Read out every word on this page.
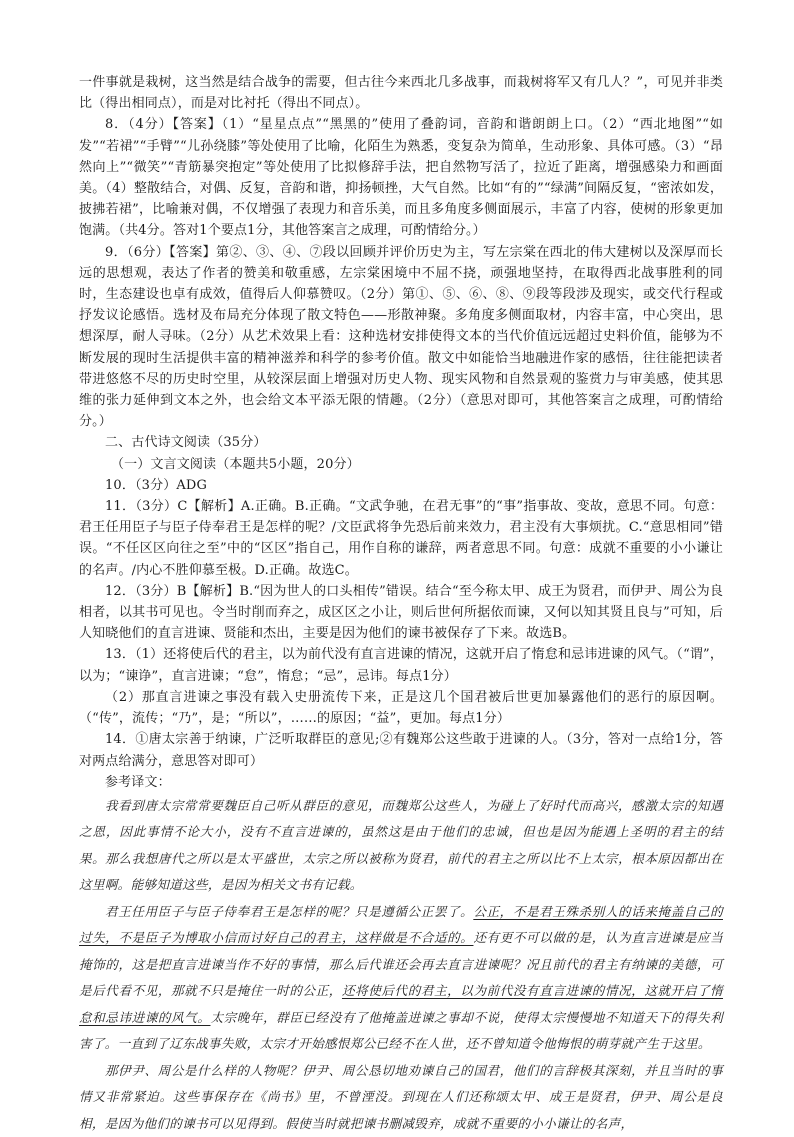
一件事就是栽树，这当然是结合战争的需要，但古往今来西北几多战事，而栽树将军又有几人？”，可见并非类比（得出相同点），而是对比衬托（得出不同点）。

8．（4分）【答案】（1）“星星点点”“黑黑的”使用了叠韵词，音韵和谐朗朗上口。（2）“西北地图”“如发”“若裙”“手臂”“儿孙绕膝”等处使用了比喻，化陌生为熟悉，变复杂为简单，生动形象、具体可感。（3）“昂然向上”“微笑”“青筋暴突抱定”等处使用了比拟修辞手法，把自然物写活了，拉近了距离，增强感染力和画面美。（4）整散结合，对偶、反复，音韵和谐，抑扬顿挫，大气自然。比如“有的”“绿满”间隔反复，“密浓如发，披拂若裙”，比喻兼对偶，不仅增强了表现力和音乐美，而且多角度多侧面展示，丰富了内容，使树的形象更加饱满。（共4分。答对1个要点1分，其他答案言之成理，可酌情给分。）

9．（6分）【答案】第②、③、④、⑦段以回顾并评价历史为主，写左宗棠在西北的伟大建树以及深厚而长远的思想观，表达了作者的赞美和敬重感，左宗棠困境中不屈不挠，顽强地坚持，在取得西北战事胜利的同时，生态建设也卓有成效，值得后人仰慕赞叹。（2分）第①、⑤、⑥、⑧、⑨段等段涉及现实，或交代行程或抒发议论感悟。选材及布局充分体现了散文特色——形散神聚。多角度多侧面取材，内容丰富，中心突出，思想深厚，耐人寻味。（2分）从艺术效果上看：这种选材安排使得文本的当代价值远远超过史料价值，能够为不断发展的现时生活提供丰富的精神滋养和科学的参考价值。散文中如能恰当地融进作家的感悟，往往能把读者带进悠悠不尽的历史时空里，从较深层面上增强对历史人物、现实风物和自然景观的鉴赏力与审美感，使其思维的张力延伸到文本之外，也会给文本平添无限的情趣。（2分）（意思对即可，其他答案言之成理，可酌情给分。）

二、古代诗文阅读（35分）

（一）文言文阅读（本题共5小题，20分）

10．（3分）ADG

11．（3分）C【解析】A.正确。B.正确。“文武争驰，在君无事”的“事”指事故、变故，意思不同。句意：君王任用臣子与臣子侍奉君王是怎样的呢？/文臣武将争先恐后前来效力，君主没有大事烦扰。C.“意思相同”错误。“不任区区向往之至”中的“区区”指自己，用作自称的谦辞，两者意思不同。句意：成就不重要的小小谦让的名声。/内心不胜仰慕至极。D.正确。故选C。

12．（3分）B【解析】B.“因为世人的口头相传”错误。结合“至今称太甲、成王为贤君，而伊尹、周公为良相者，以其书可见也。令当时削而弃之，成区区之小让，则后世何所据依而谏，又何以知其贤且良与”可知，后人知晓他们的直言进谏、贤能和杰出，主要是因为他们的谏书被保存了下来。故选B。

13．（1）还将使后代的君主，以为前代没有直言进谏的情况，这就开启了惰怠和忌讳进谏的风气。（“谓”，以为；“谏诤”，直言进谏；“怠”，惰怠；“忌”，忌讳。每点1分）

（2）那直言进谏之事没有载入史册流传下来，正是这几个国君被后世更加暴露他们的恶行的原因啊。（“传”，流传；“乃”，是；“所以”，……的原因；“益”，更加。每点1分）

14．①唐太宗善于纳谏，广泛听取群臣的意见;②有魏郑公这些敢于进谏的人。（3分，答对一点给1分，答对两点给满分，意思答对即可）

参考译文：

我看到唐太宗常常要魏臣自己听从群臣的意见，而魏郑公这些人，为碰上了好时代而高兴，感激太宗的知遇之恩，因此事情不论大小，没有不直言进谏的，虽然这是由于他们的忠诚，但也是因为能遇上圣明的君主的结果。那么我想唐代之所以是太平盛世，太宗之所以被称为贤君，前代的君主之所以比不上太宗，根本原因都出在这里啊。能够知道这些，是因为相关文书有记载。

君王任用臣子与臣子侍奉君王是怎样的呢？只是遵循公正罢了。公正，不是君王殊杀别人的话来掩盖自己的过失，不是臣子为博取小信而讨好自己的君主，这样做是不合适的。还有更不可以做的是，认为直言进谏是应当掩饰的，这是把直言进谏当作不好的事情，那么后代谁还会再去直言进谏呢？况且前代的君主有纳谏的美德，可是后代看不见，那就不只是掩住一时的公正，还将使后代的君主，以为前代没有直言进谏的情况，这就开启了惰怠和忌讳进谏的风气。太宗晚年，群臣已经没有了他掩盖进谏之事却不说，使得太宗慢慢地不知道天下的得失利害了。一直到了辽东战事失败，太宗才开始感恨郑公已经不在人世，还不曾知道令他悔恨的萌芽就产生于这里。

那伊尹、周公是什么样的人物呢？伊尹、周公恳切地劝谏自己的国君，他们的言辞极其深刻，并且当时的事情又非常紧迫。这些事保存在《尚书》里，不曾湮没。到现在人们还称颂太甲、成王是贤君，伊尹、周公是良相，是因为他们的谏书可以见得到。假使当时就把谏书删减毁弃，成就不重要的小小谦让的名声，
